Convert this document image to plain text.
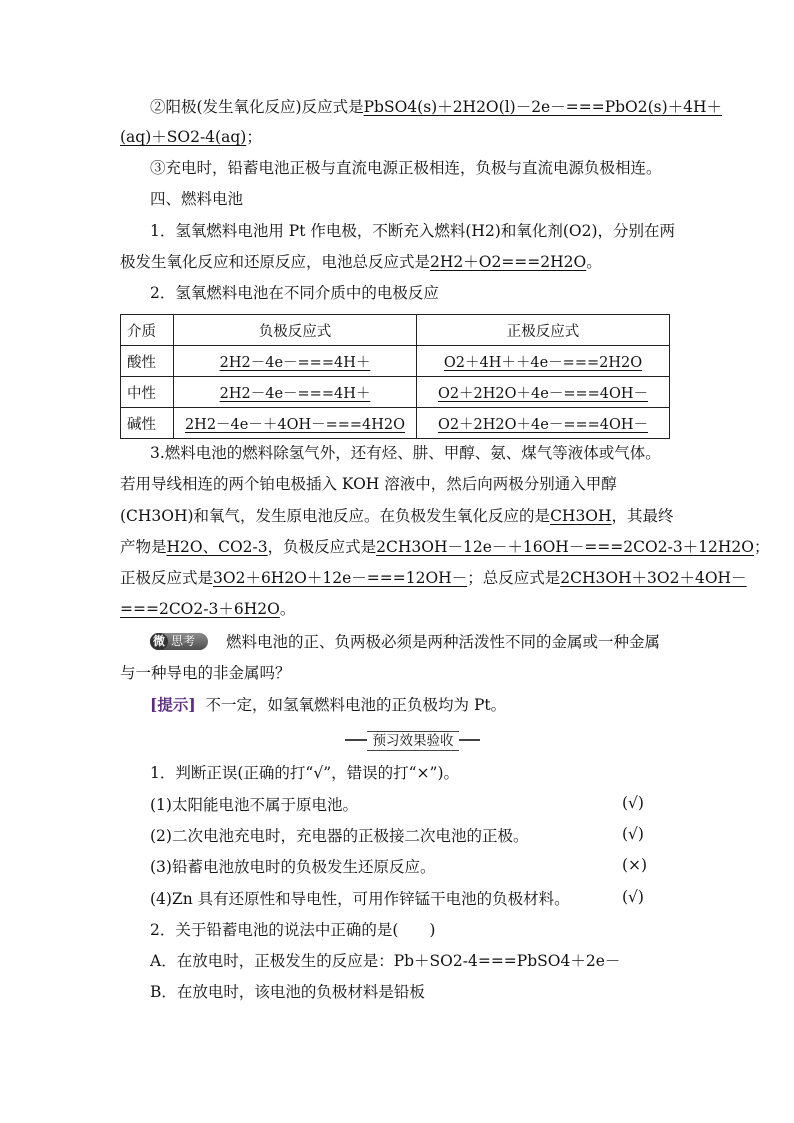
②阳极(发生氧化反应)反应式是PbSO4(s)＋2H2O(l)－2e－===PbO2(s)＋4H＋
(aq)＋SO2-4(aq)；
③充电时，铅蓄电池正极与直流电源正极相连，负极与直流电源负极相连。
四、燃料电池
1．氢氧燃料电池用 Pt 作电极，不断充入燃料(H2)和氧化剂(O2)，分别在两
极发生氧化反应和还原反应，电池总反应式是2H2＋O2===2H2O。
2．氢氧燃料电池在不同介质中的电极反应
介质	负极反应式	正极反应式
酸性	2H2－4e－===4H＋	O2＋4H＋＋4e－===2H2O
中性	2H2－4e－===4H＋	O2＋2H2O＋4e－===4OH－
碱性	2H2－4e－＋4OH－===4H2O	O2＋2H2O＋4e－===4OH－
3.燃料电池的燃料除氢气外，还有烃、肼、甲醇、氨、煤气等液体或气体。
若用导线相连的两个铂电极插入 KOH 溶液中，然后向两极分别通入甲醇
(CH3OH)和氧气，发生原电池反应。在负极发生氧化反应的是CH3OH，其最终
产物是H2O、CO2-3，负极反应式是2CH3OH－12e－＋16OH－===2CO2-3＋12H2O；
正极反应式是3O2＋6H2O＋12e－===12OH－；总反应式是2CH3OH＋3O2＋4OH－
===2CO2-3＋6H2O。
微 思考	燃料电池的正、负两极必须是两种活泼性不同的金属或一种金属
与一种导电的非金属吗？
[提示] 不一定，如氢氧燃料电池的正负极均为 Pt。
预习效果验收
1．判断正误(正确的打“√”，错误的打“×”)。
(1)太阳能电池不属于原电池。	(√)
(2)二次电池充电时，充电器的正极接二次电池的正极。	(√)
(3)铅蓄电池放电时的负极发生还原反应。	(×)
(4)Zn 具有还原性和导电性，可用作锌锰干电池的负极材料。	(√)
2．关于铅蓄电池的说法中正确的是(　　)
A．在放电时，正极发生的反应是：Pb＋SO2-4===PbSO4＋2e－
B．在放电时，该电池的负极材料是铅板
